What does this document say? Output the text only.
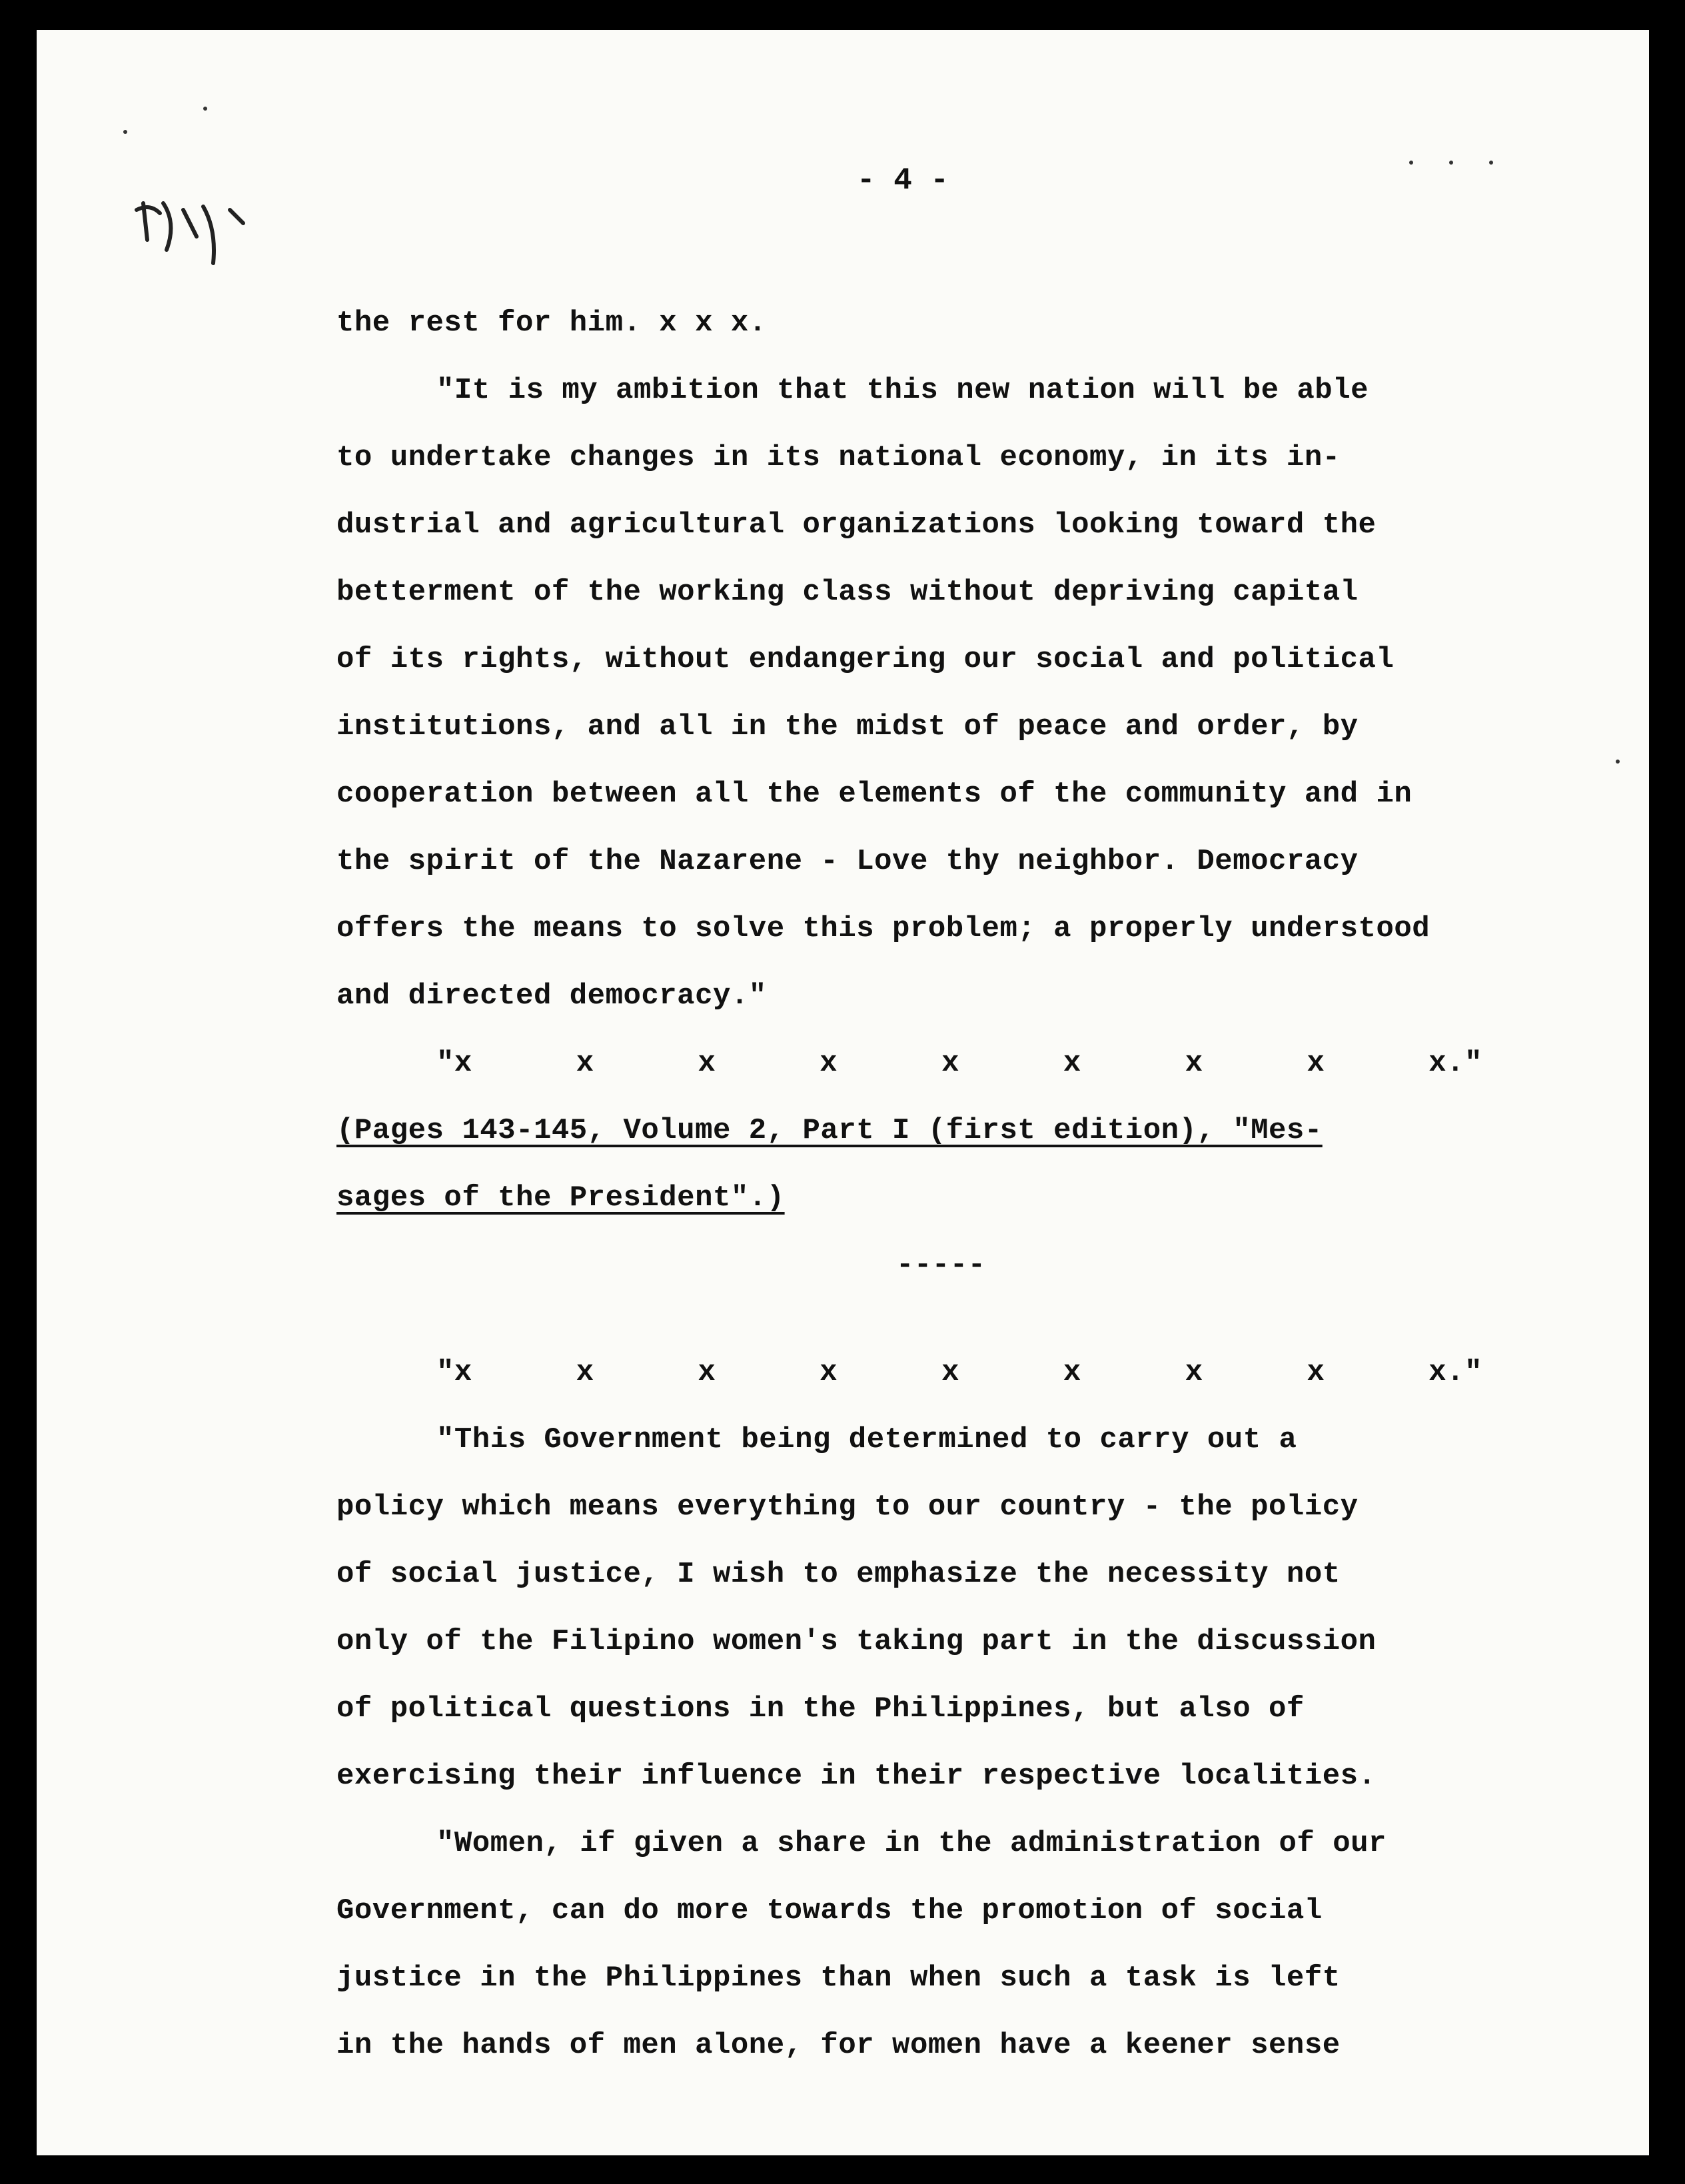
- 4 -
the rest for him. x x x.
"It is my ambition that this new nation will be able
to undertake changes in its national economy, in its in-
dustrial and agricultural organizations looking toward the
betterment of the working class without depriving capital
of its rights, without endangering our social and political
institutions, and all in the midst of peace and order, by
cooperation between all the elements of the community and in
the spirit of the Nazarene - Love thy neighbor. Democracy
offers the means to solve this problem; a properly understood
and directed democracy."
"x	x	x	x	x	x	x	x	x."
(Pages 143-145, Volume 2, Part I (first edition), "Mes-
sages of the President".)
-----
"x	x	x	x	x	x	x	x	x."
"This Government being determined to carry out a
policy which means everything to our country - the policy
of social justice, I wish to emphasize the necessity not
only of the Filipino women's taking part in the discussion
of political questions in the Philippines, but also of
exercising their influence in their respective localities.
"Women, if given a share in the administration of our
Government, can do more towards the promotion of social
justice in the Philippines than when such a task is left
in the hands of men alone, for women have a keener sense
